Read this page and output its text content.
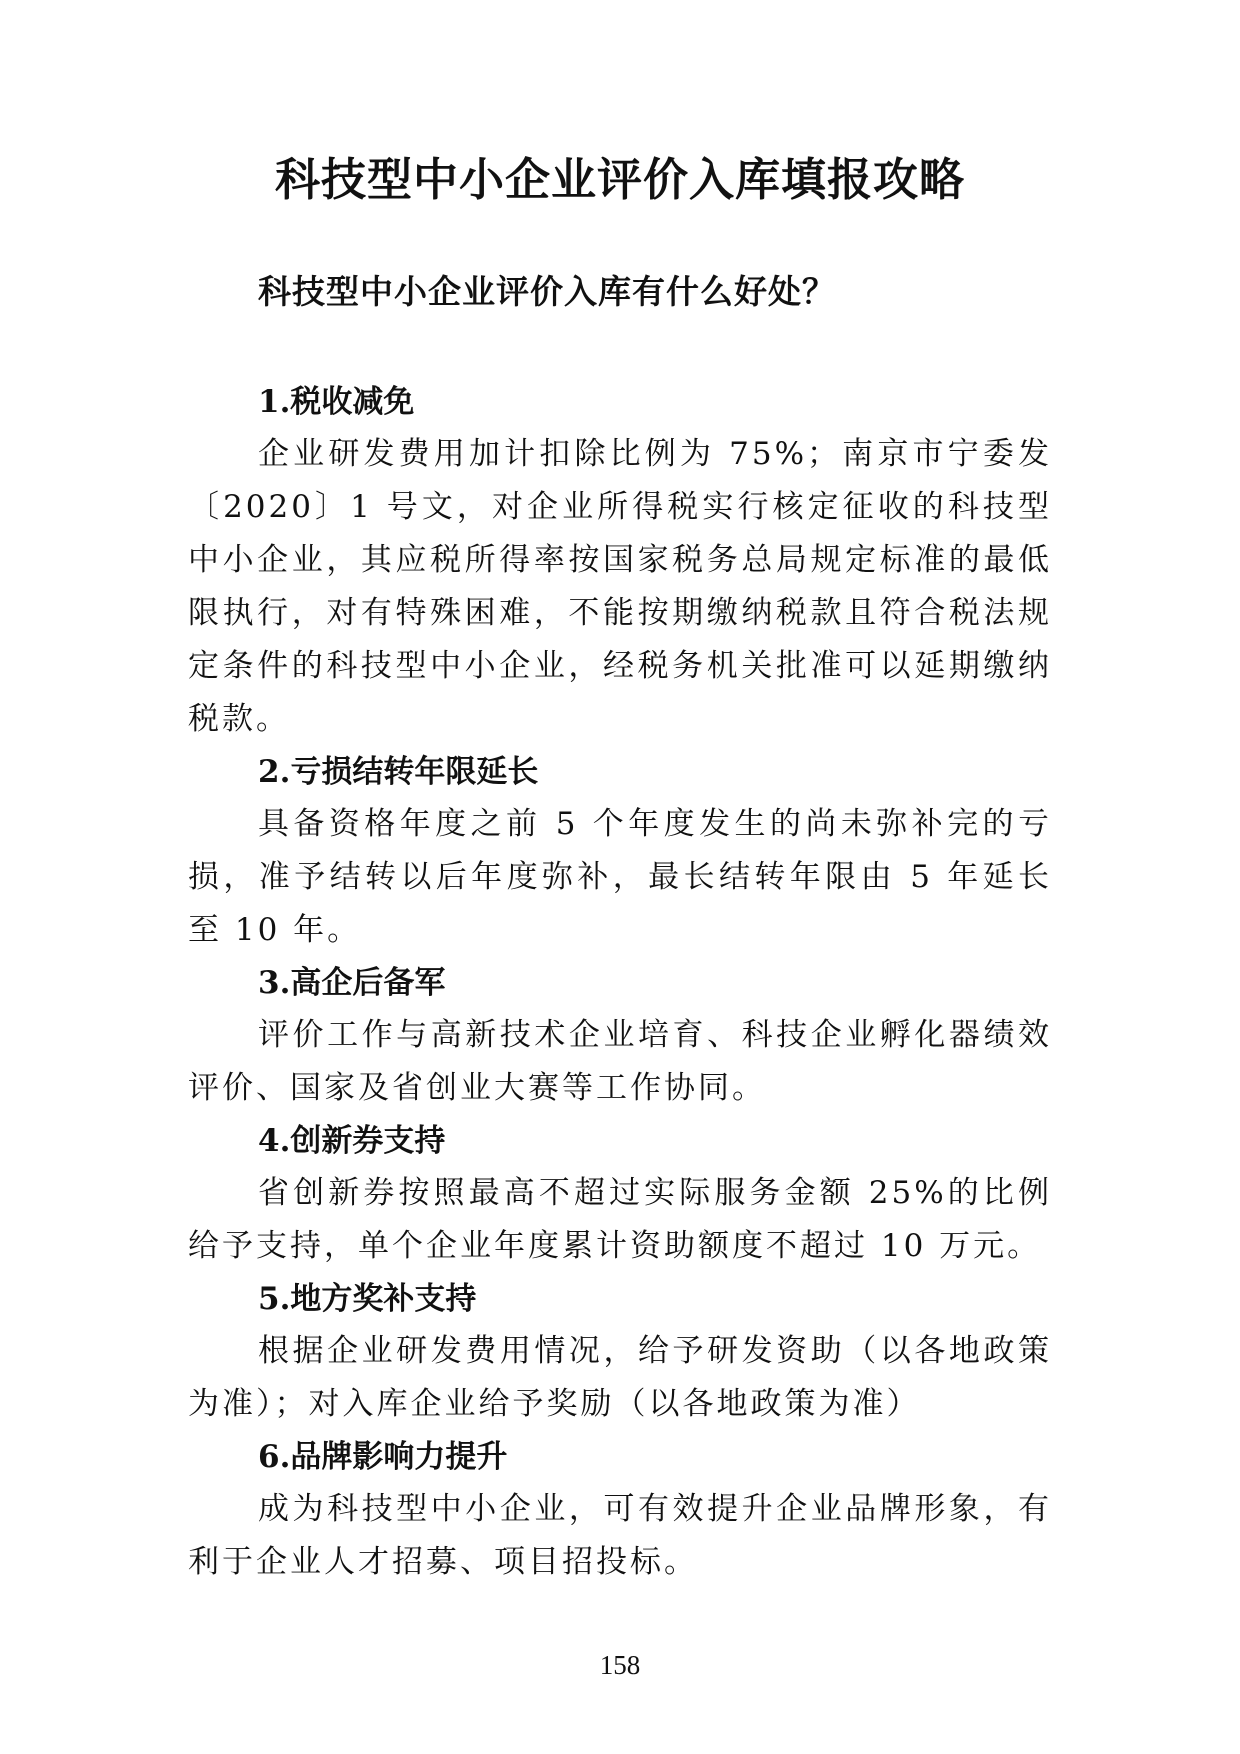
科技型中小企业评价入库填报攻略
科技型中小企业评价入库有什么好处？
1.税收减免

企业研发费用加计扣除比例为 75%；南京市宁委发〔2020〕1 号文，对企业所得税实行核定征收的科技型中小企业，其应税所得率按国家税务总局规定标准的最低限执行，对有特殊困难，不能按期缴纳税款且符合税法规定条件的科技型中小企业，经税务机关批准可以延期缴纳税款。

2.亏损结转年限延长

具备资格年度之前 5 个年度发生的尚未弥补完的亏损，准予结转以后年度弥补，最长结转年限由 5 年延长至 10 年。

3.高企后备军

评价工作与高新技术企业培育、科技企业孵化器绩效评价、国家及省创业大赛等工作协同。

4.创新券支持

省创新券按照最高不超过实际服务金额 25%的比例给予支持，单个企业年度累计资助额度不超过 10 万元。

5.地方奖补支持

根据企业研发费用情况，给予研发资助（以各地政策为准）；对入库企业给予奖励（以各地政策为准）

6.品牌影响力提升

成为科技型中小企业，可有效提升企业品牌形象，有利于企业人才招募、项目招投标。

158
